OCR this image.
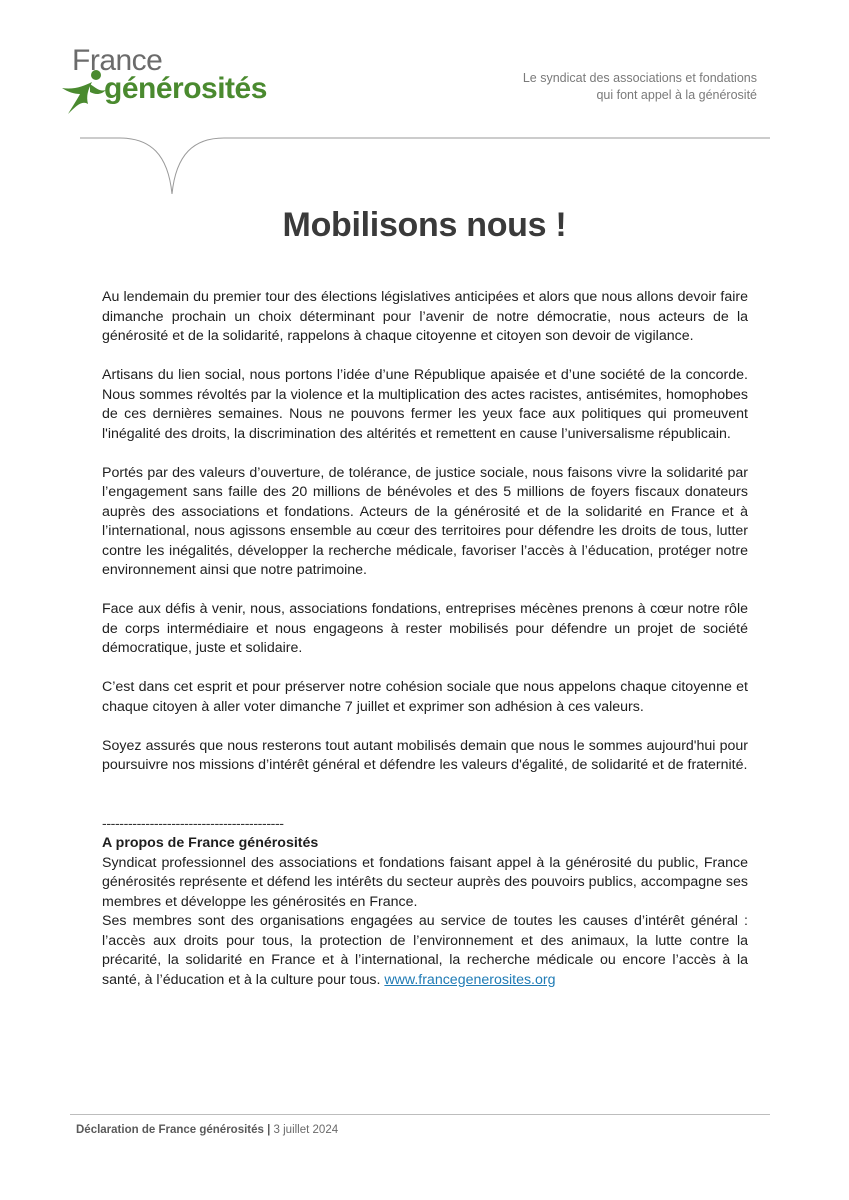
France
générosités	Le syndicat des associations et fondations
qui font appel à la générosité
Mobilisons nous !

Au lendemain du premier tour des élections législatives anticipées et alors que nous allons devoir faire dimanche prochain un choix déterminant pour l’avenir de notre démocratie, nous acteurs de la générosité et de la solidarité, rappelons à chaque citoyenne et citoyen son devoir de vigilance.

Artisans du lien social, nous portons l’idée d’une République apaisée et d’une société de la concorde. Nous sommes révoltés par la violence et la multiplication des actes racistes, antisémites, homophobes de ces dernières semaines. Nous ne pouvons fermer les yeux face aux politiques qui promeuvent l'inégalité des droits, la discrimination des altérités et remettent en cause l’universalisme républicain.

Portés par des valeurs d’ouverture, de tolérance, de justice sociale, nous faisons vivre la solidarité par l’engagement sans faille des 20 millions de bénévoles et des 5 millions de foyers fiscaux donateurs auprès des associations et fondations. Acteurs de la générosité et de la solidarité en France et à l’international, nous agissons ensemble au cœur des territoires pour défendre les droits de tous, lutter contre les inégalités, développer la recherche médicale, favoriser l’accès à l’éducation, protéger notre environnement ainsi que notre patrimoine.

Face aux défis à venir, nous, associations fondations, entreprises mécènes prenons à cœur notre rôle de corps intermédiaire et nous engageons à rester mobilisés pour défendre un projet de société démocratique, juste et solidaire.

C’est dans cet esprit et pour préserver notre cohésion sociale que nous appelons chaque citoyenne et chaque citoyen à aller voter dimanche 7 juillet et exprimer son adhésion à ces valeurs.

Soyez assurés que nous resterons tout autant mobilisés demain que nous le sommes aujourd'hui pour poursuivre nos missions d’intérêt général et défendre les valeurs d'égalité, de solidarité et de fraternité.

------------------------------------------
A propos de France générosités

Syndicat professionnel des associations et fondations faisant appel à la générosité du public, France générosités représente et défend les intérêts du secteur auprès des pouvoirs publics, accompagne ses membres et développe les générosités en France.

Ses membres sont des organisations engagées au service de toutes les causes d’intérêt général : l’accès aux droits pour tous, la protection de l’environnement et des animaux, la lutte contre la précarité, la solidarité en France et à l’international, la recherche médicale ou encore l’accès à la santé, à l’éducation et à la culture pour tous. www.francegenerosites.org

Déclaration de France générosités | 3 juillet 2024
